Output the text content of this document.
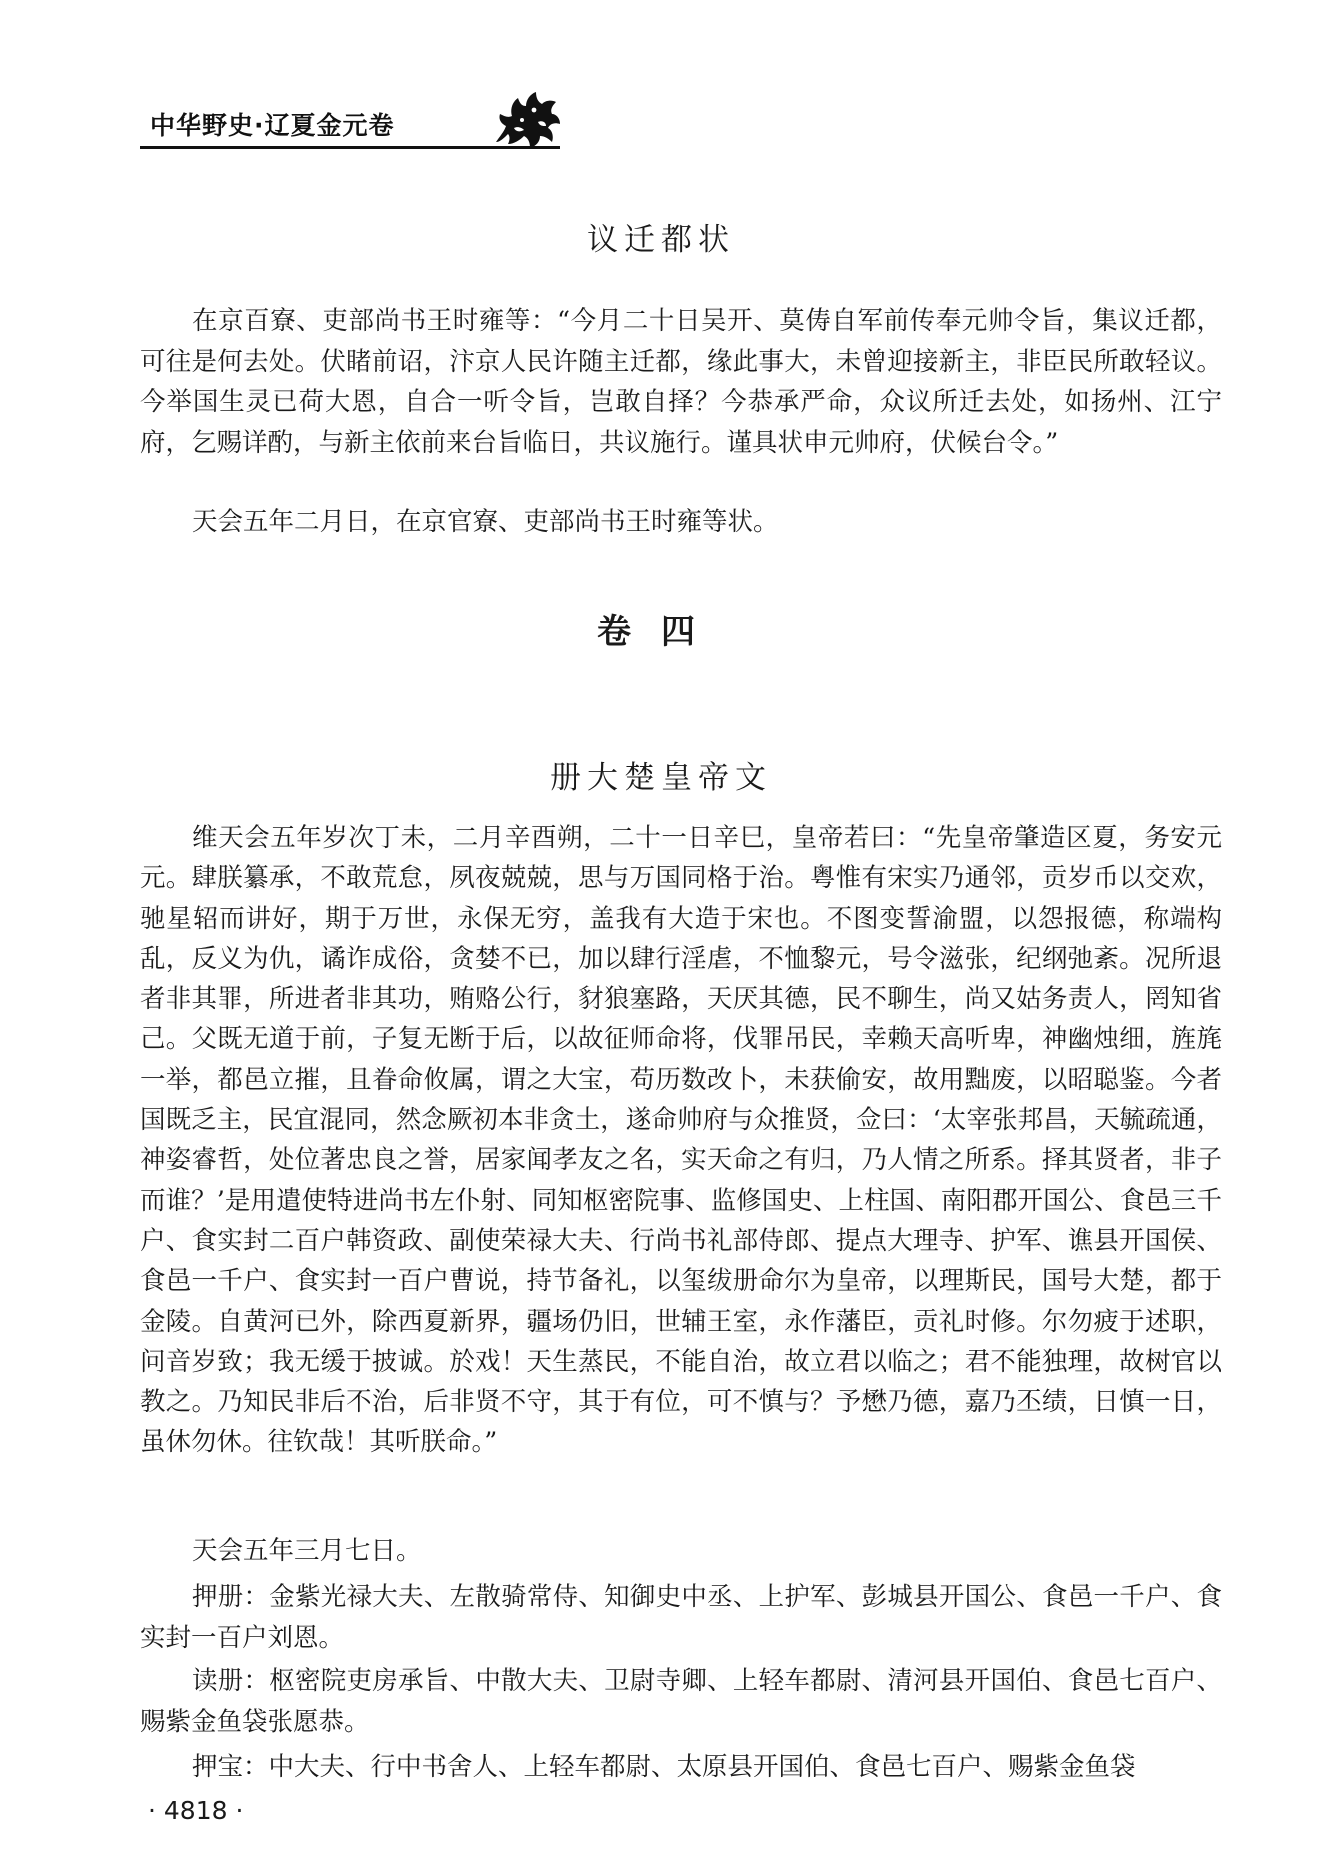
中华野史·辽夏金元卷
议迁都状

在京百寮、吏部尚书王时雍等：“今月二十日吴开、莫俦自军前传奉元帅令旨，集议迁都，可往是何去处。伏睹前诏，汴京人民许随主迁都，缘此事大，未曾迎接新主，非臣民所敢轻议。今举国生灵已荷大恩，自合一听令旨，岂敢自择？今恭承严命，众议所迁去处，如扬州、江宁府，乞赐详酌，与新主依前来台旨临日，共议施行。谨具状申元帅府，伏候台令。”

天会五年二月日，在京官寮、吏部尚书王时雍等状。

卷四
册大楚皇帝文

维天会五年岁次丁未，二月辛酉朔，二十一日辛巳，皇帝若曰：“先皇帝肇造区夏，务安元元。肆朕纂承，不敢荒怠，夙夜兢兢，思与万国同格于治。粤惟有宋实乃通邻，贡岁币以交欢，驰星轺而讲好，期于万世，永保无穷，盖我有大造于宋也。不图变誓渝盟，以怨报德，称端构乱，反义为仇，谲诈成俗，贪婪不已，加以肆行淫虐，不恤黎元，号令滋张，纪纲弛紊。况所退者非其罪，所进者非其功，贿赂公行，豺狼塞路，天厌其德，民不聊生，尚又姑务责人，罔知省己。父既无道于前，子复无断于后，以故征师命将，伐罪吊民，幸赖天高听卑，神幽烛细，旌旄一举，都邑立摧，且眷命攸属，谓之大宝，苟历数改卜，未获偷安，故用黜废，以昭聪鉴。今者国既乏主，民宜混同，然念厥初本非贪土，遂命帅府与众推贤，佥曰：‘太宰张邦昌，天毓疏通，神姿睿哲，处位著忠良之誉，居家闻孝友之名，实天命之有归，乃人情之所系。择其贤者，非子而谁？’是用遣使特进尚书左仆射、同知枢密院事、监修国史、上柱国、南阳郡开国公、食邑三千户、食实封二百户韩资政、副使荣禄大夫、行尚书礼部侍郎、提点大理寺、护军、谯县开国侯、食邑一千户、食实封一百户曹说，持节备礼，以玺绂册命尔为皇帝，以理斯民，国号大楚，都于金陵。自黄河已外，除西夏新界，疆场仍旧，世辅王室，永作藩臣，贡礼时修。尔勿疲于述职，问音岁致；我无缓于披诚。於戏！天生蒸民，不能自治，故立君以临之；君不能独理，故树官以教之。乃知民非后不治，后非贤不守，其于有位，可不慎与？予懋乃德，嘉乃丕绩，日慎一日，虽休勿休。往钦哉！其听朕命。”

天会五年三月七日。

押册：金紫光禄大夫、左散骑常侍、知御史中丞、上护军、彭城县开国公、食邑一千户、食实封一百户刘恩。

读册：枢密院吏房承旨、中散大夫、卫尉寺卿、上轻车都尉、清河县开国伯、食邑七百户、赐紫金鱼袋张愿恭。

押宝：中大夫、行中书舍人、上轻车都尉、太原县开国伯、食邑七百户、赐紫金鱼袋

· 4818 ·
